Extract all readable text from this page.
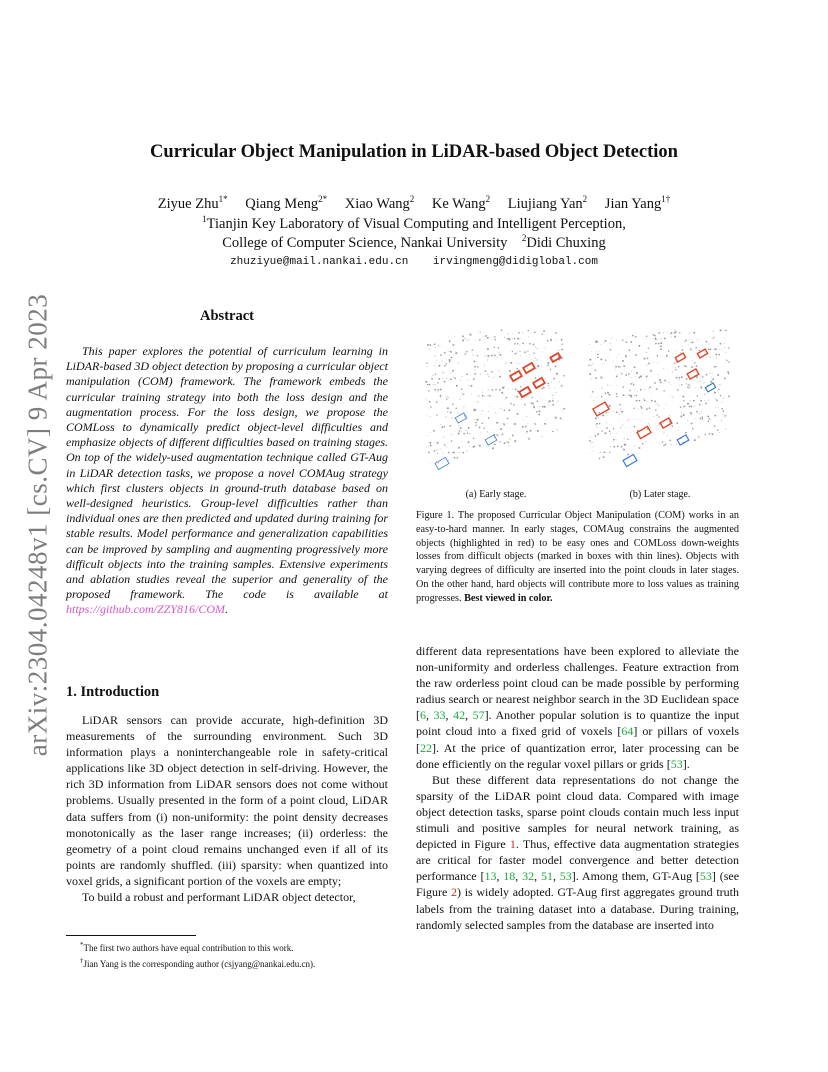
arXiv:2304.04248v1 [cs.CV] 9 Apr 2023
Curricular Object Manipulation in LiDAR-based Object Detection
Ziyue Zhu$^{1*}$ Qiang Meng$^{2*}$ Xiao Wang$^2$ Ke Wang$^2$ Liujiang Yan$^2$ Jian Yang$^{1\dagger}$
$^1$Tianjin Key Laboratory of Visual Computing and Intelligent Perception,
College of Computer Science, Nankai University $^2$Didi Chuxing
zhuziyue@mail.nankai.edu.cn irvingmeng@didiglobal.com
Abstract

This paper explores the potential of curriculum learning in LiDAR-based 3D object detection by proposing a curricular object manipulation (COM) framework. The framework embeds the curricular training strategy into both the loss design and the augmentation process. For the loss design, we propose the COMLoss to dynamically predict object-level difficulties and emphasize objects of different difficulties based on training stages. On top of the widely-used augmentation technique called GT-Aug in LiDAR detection tasks, we propose a novel COMAug strategy which first clusters objects in ground-truth database based on well-designed heuristics. Group-level difficulties rather than individual ones are then predicted and updated during training for stable results. Model performance and generalization capabilities can be improved by sampling and augmenting progressively more difficult objects into the training samples. Extensive experiments and ablation studies reveal the superior and generality of the proposed framework. The code is available at https://github.com/ZZY816/COM.

1. Introduction

LiDAR sensors can provide accurate, high-definition 3D measurements of the surrounding environment. Such 3D information plays a noninterchangeable role in safety-critical applications like 3D object detection in self-driving. However, the rich 3D information from LiDAR sensors does not come without problems. Usually presented in the form of a point cloud, LiDAR data suffers from (i) non-uniformity: the point density decreases monotonically as the laser range increases; (ii) orderless: the geometry of a point cloud remains unchanged even if all of its points are randomly shuffled. (iii) sparsity: when quantized into voxel grids, a significant portion of the voxels are empty;

To build a robust and performant LiDAR object detector,

*The first two authors have equal contribution to this work.
†Jian Yang is the corresponding author (csjyang@nankai.edu.cn).
(a) Early stage.	(b) Later stage.
Figure 1. The proposed Curricular Object Manipulation (COM) works in an easy-to-hard manner. In early stages, COMAug constrains the augmented objects (highlighted in red) to be easy ones and COMLoss down-weights losses from difficult objects (marked in boxes with thin lines). Objects with varying degrees of difficulty are inserted into the point clouds in later stages. On the other hand, hard objects will contribute more to loss values as training progresses. Best viewed in color.

different data representations have been explored to alleviate the non-uniformity and orderless challenges. Feature extraction from the raw orderless point cloud can be made possible by performing radius search or nearest neighbor search in the 3D Euclidean space [6, 33, 42, 57]. Another popular solution is to quantize the input point cloud into a fixed grid of voxels [64] or pillars of voxels [22]. At the price of quantization error, later processing can be done efficiently on the regular voxel pillars or grids [53].

But these different data representations do not change the sparsity of the LiDAR point cloud data. Compared with image object detection tasks, sparse point clouds contain much less input stimuli and positive samples for neural network training, as depicted in Figure 1. Thus, effective data augmentation strategies are critical for faster model convergence and better detection performance [13, 18, 32, 51, 53]. Among them, GT-Aug [53] (see Figure 2) is widely adopted. GT-Aug first aggregates ground truth labels from the training dataset into a database. During training, randomly selected samples from the database are inserted into
